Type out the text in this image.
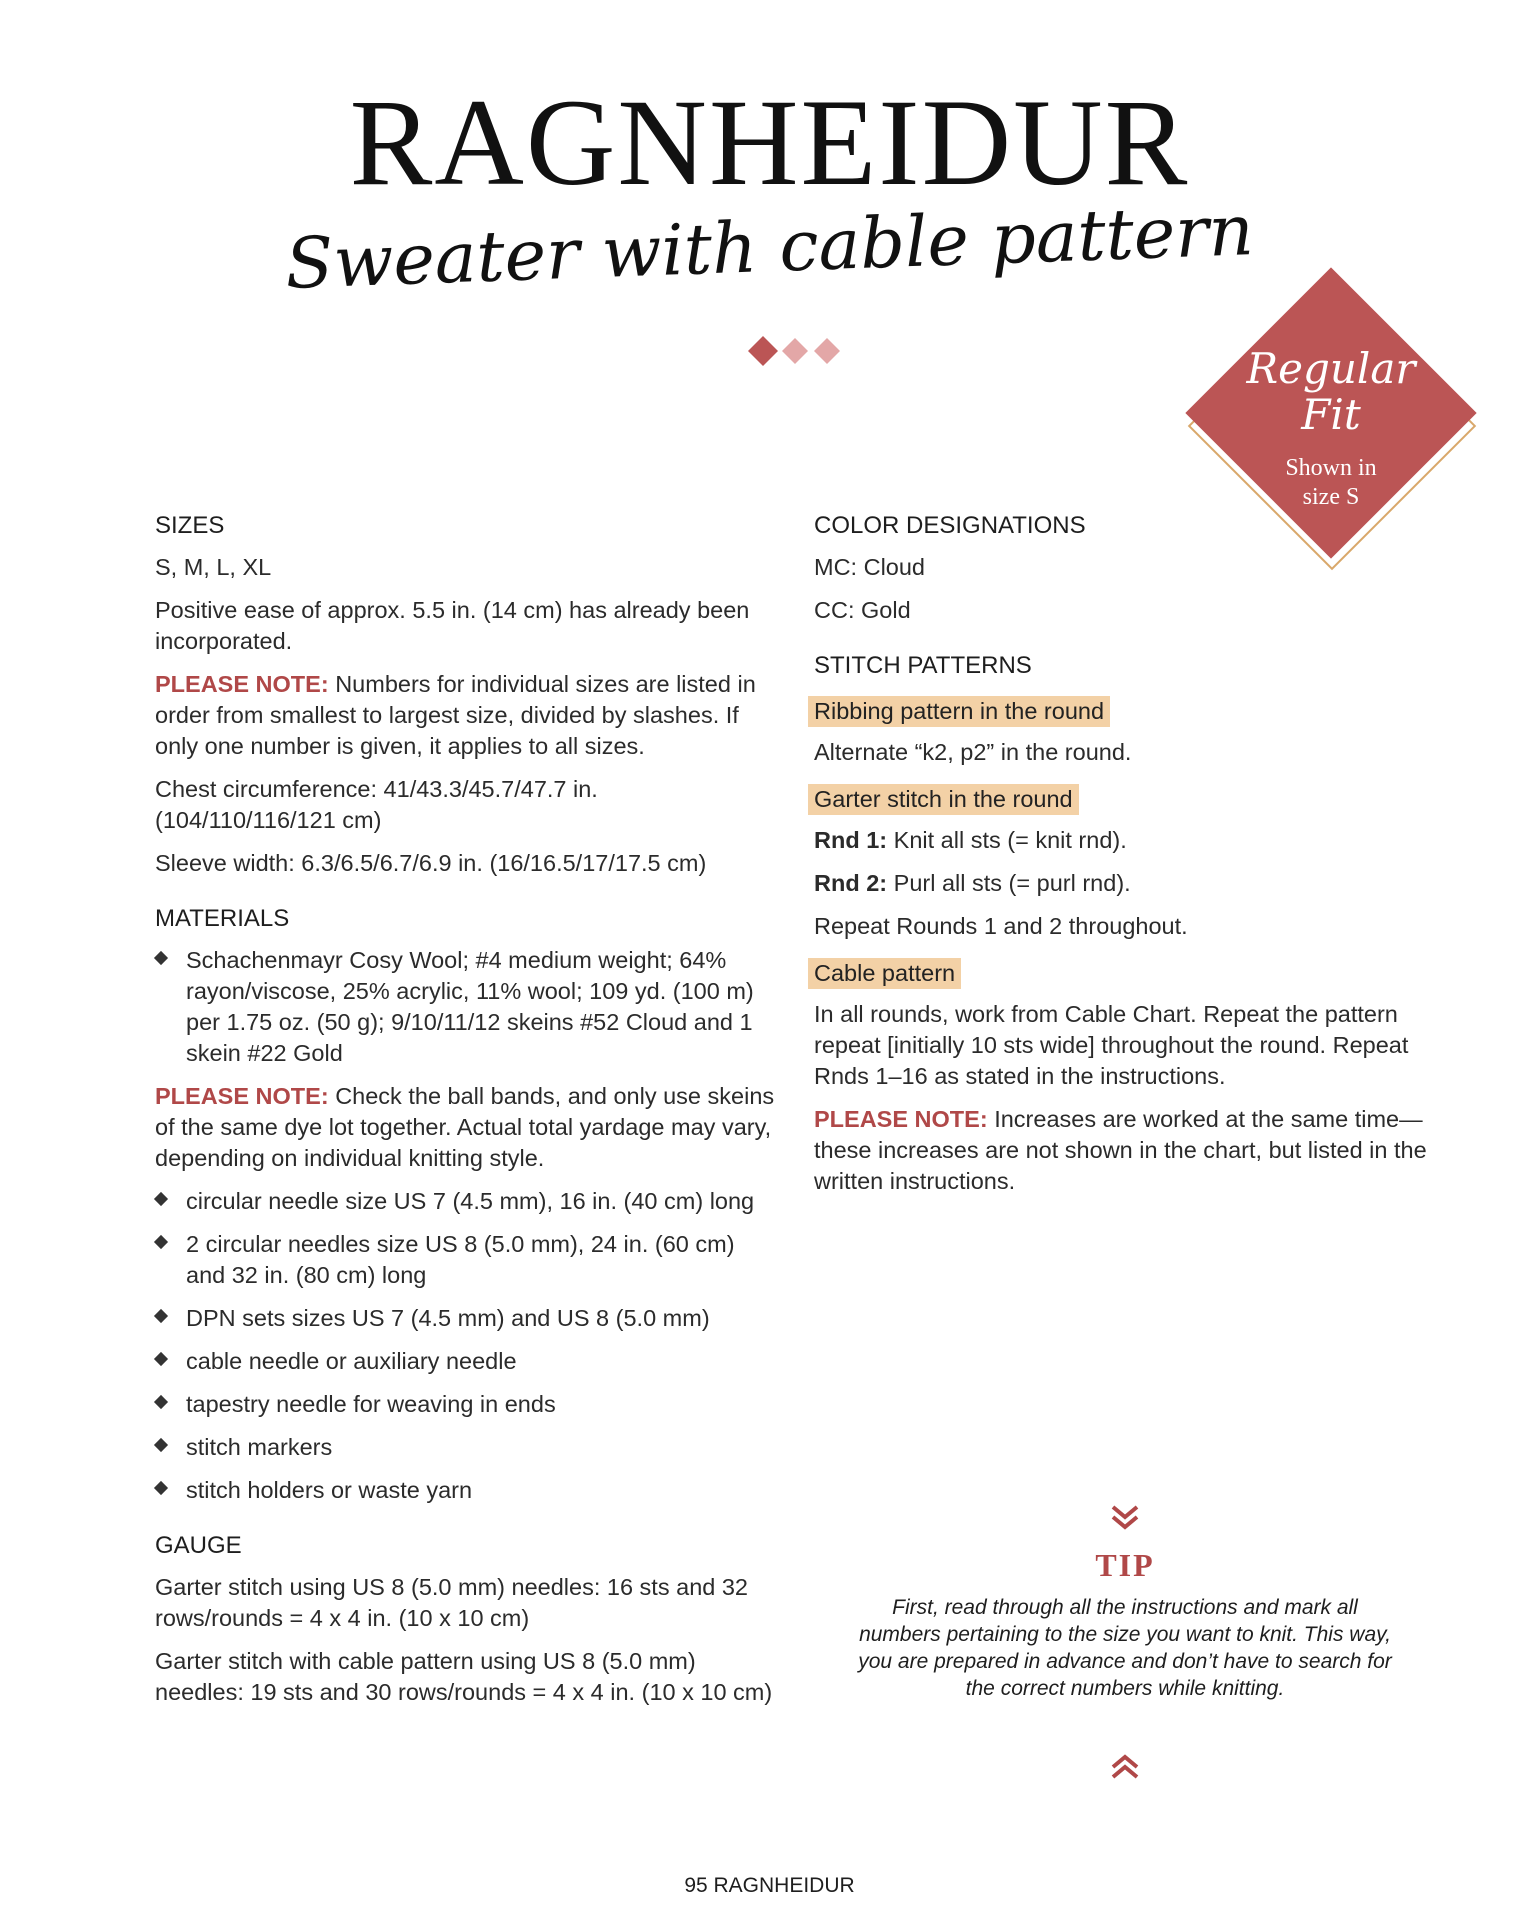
RAGNHEIDUR
Sweater with cable pattern
Regular
Fit
Shown in
size S
SIZES

S, M, L, XL

Positive ease of approx. 5.5 in. (14 cm) has already been incorporated.

PLEASE NOTE: Numbers for individual sizes are listed in order from smallest to largest size, divided by slashes. If only one number is given, it applies to all sizes.

Chest circumference: 41/43.3/45.7/47.7 in. (104/110/116/121 cm)

Sleeve width: 6.3/6.5/6.7/6.9 in. (16/16.5/17/17.5 cm)

MATERIALS
Schachenmayr Cosy Wool; #4 medium weight; 64% rayon/viscose, 25% acrylic, 11% wool; 109 yd. (100 m) per 1.75 oz. (50 g); 9/10/11/12 skeins #52 Cloud and 1 skein #22 Gold

PLEASE NOTE: Check the ball bands, and only use skeins of the same dye lot together. Actual total yardage may vary, depending on individual knitting style.

circular needle size US 7 (4.5 mm), 16 in. (40 cm) long
2 circular needles size US 8 (5.0 mm), 24 in. (60 cm) and 32 in. (80 cm) long
DPN sets sizes US 7 (4.5 mm) and US 8 (5.0 mm)
cable needle or auxiliary needle
tapestry needle for weaving in ends
stitch markers
stitch holders or waste yarn
GAUGE

Garter stitch using US 8 (5.0 mm) needles: 16 sts and 32 rows/rounds = 4 x 4 in. (10 x 10 cm)

Garter stitch with cable pattern using US 8 (5.0 mm) needles: 19 sts and 30 rows/rounds = 4 x 4 in. (10 x 10 cm)

COLOR DESIGNATIONS

MC: Cloud

CC: Gold

STITCH PATTERNS
Ribbing pattern in the round

Alternate “k2, p2” in the round.

Garter stitch in the round

Rnd 1: Knit all sts (= knit rnd).

Rnd 2: Purl all sts (= purl rnd).

Repeat Rounds 1 and 2 throughout.

Cable pattern

In all rounds, work from Cable Chart. Repeat the pattern repeat [initially 10 sts wide] throughout the round. Repeat Rnds 1–16 as stated in the instructions.

PLEASE NOTE: Increases are worked at the same time—these increases are not shown in the chart, but listed in the written instructions.

TIP
First, read through all the instructions and mark all numbers pertaining to the size you want to knit. This way, you are prepared in advance and don’t have to search for the correct numbers while knitting.
95 RAGNHEIDUR
